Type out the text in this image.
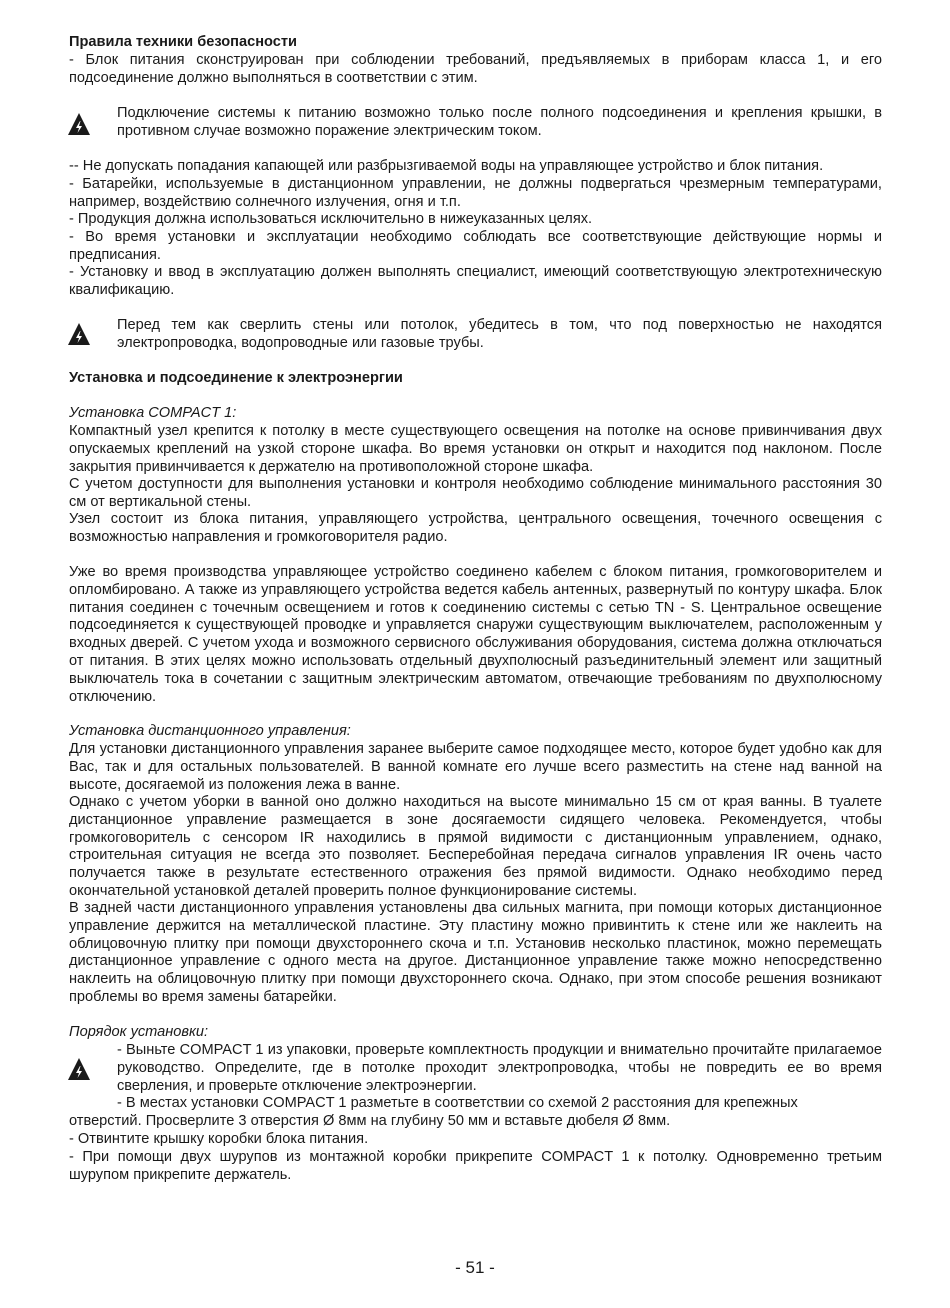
Правила техники безопасности

- Блок питания сконструирован при соблюдении требований, предъявляемых в приборам класса 1, и его подсоединение должно выполняться в соответствии с этим.

Подключение системы к питанию возможно только после полного подсоединения и крепления крышки, в противном случае возможно поражение электрическим током.

-- Не допускать попадания капающей или разбрызгиваемой воды на управляющее устройство и блок питания.

- Батарейки, используемые в дистанционном управлении, не должны подвергаться чрезмерным температурами, например, воздействию солнечного излучения, огня и т.п.

- Продукция должна использоваться исключительно в нижеуказанных целях.

- Во время установки и эксплуатации необходимо соблюдать все соответствующие действующие нормы и предписания.

- Установку и ввод в эксплуатацию должен выполнять специалист, имеющий соответствующую электротехническую квалификацию.

Перед тем как сверлить стены или потолок, убедитесь в том, что под поверхностью не находятся электропроводка, водопроводные или газовые трубы.

Установка и подсоединение к электроэнергии

Установка COMPACT 1:

Компактный узел крепится к потолку в месте существующего освещения на потолке на основе привинчивания двух опускаемых креплений на узкой стороне шкафа. Во время установки он открыт и находится под наклоном. После закрытия привинчивается к держателю на противоположной стороне шкафа.

С учетом доступности для выполнения установки и контроля необходимо соблюдение минимального расстояния 30 см от вертикальной стены.

Узел состоит из блока питания, управляющего устройства, центрального освещения, точечного освещения с возможностью направления и громкоговорителя радио.

Уже во время производства управляющее устройство соединено кабелем с блоком питания, громкоговорителем и опломбировано. А также из управляющего устройства ведется кабель антенных, развернутый по контуру шкафа. Блок питания соединен с точечным освещением и готов к соединению системы с сетью TN - S. Центральное освещение подсоединяется к существующей проводке и управляется снаружи существующим выключателем, расположенным у входных дверей. С учетом ухода и возможного сервисного обслуживания оборудования, система должна отключаться от питания. В этих целях можно использовать отдельный двухполюсный разъединительный элемент или защитный выключатель тока в сочетании с защитным электрическим автоматом, отвечающие требованиям по двухполюсному отключению.

Установка дистанционного управления:

Для установки дистанционного управления заранее выберите самое подходящее место, которое будет удобно как для Вас, так и для остальных пользователей. В ванной комнате его лучше всего разместить на стене над ванной на высоте, досягаемой из положения лежа в ванне.

Однако с учетом уборки в ванной оно должно находиться на высоте минимально 15 см от края ванны. В туалете дистанционное управление размещается в зоне досягаемости сидящего человека. Рекомендуется, чтобы громкоговоритель с сенсором IR находились в прямой видимости с дистанционным управлением, однако, строительная ситуация не всегда это позволяет. Бесперебойная передача сигналов управления IR очень часто получается также в результате естественного отражения без прямой видимости. Однако необходимо перед окончательной установкой деталей проверить полное функционирование системы.

В задней части дистанционного управления установлены два сильных магнита, при помощи которых дистанционное управление держится на металлической пластине. Эту пластину можно привинтить к стене или же наклеить на облицовочную плитку при помощи двухстороннего скоча и т.п. Установив несколько пластинок, можно перемещать дистанционное управление с одного места на другое. Дистанционное управление также можно непосредственно наклеить на облицовочную плитку при помощи двухстороннего скоча. Однако, при этом способе решения возникают проблемы во время замены батарейки.

Порядок установки:

- Выньте COMPACT 1 из упаковки, проверьте комплектность продукции и внимательно прочитайте прилагаемое руководство. Определите, где в потолке проходит электропроводка, чтобы не повредить ее во время сверления, и проверьте отключение электроэнергии.

- В местах установки COMPACT 1 разметьте в соответствии со схемой 2 расстояния для крепежных

отверстий. Просверлите 3 отверстия Ø 8мм на глубину 50 мм и вставьте дюбеля Ø 8мм.

- Отвинтите крышку коробки блока питания.

- При помощи двух шурупов из монтажной коробки прикрепите COMPACT 1 к потолку. Одновременно третьим шурупом прикрепите держатель.

- 51 -
